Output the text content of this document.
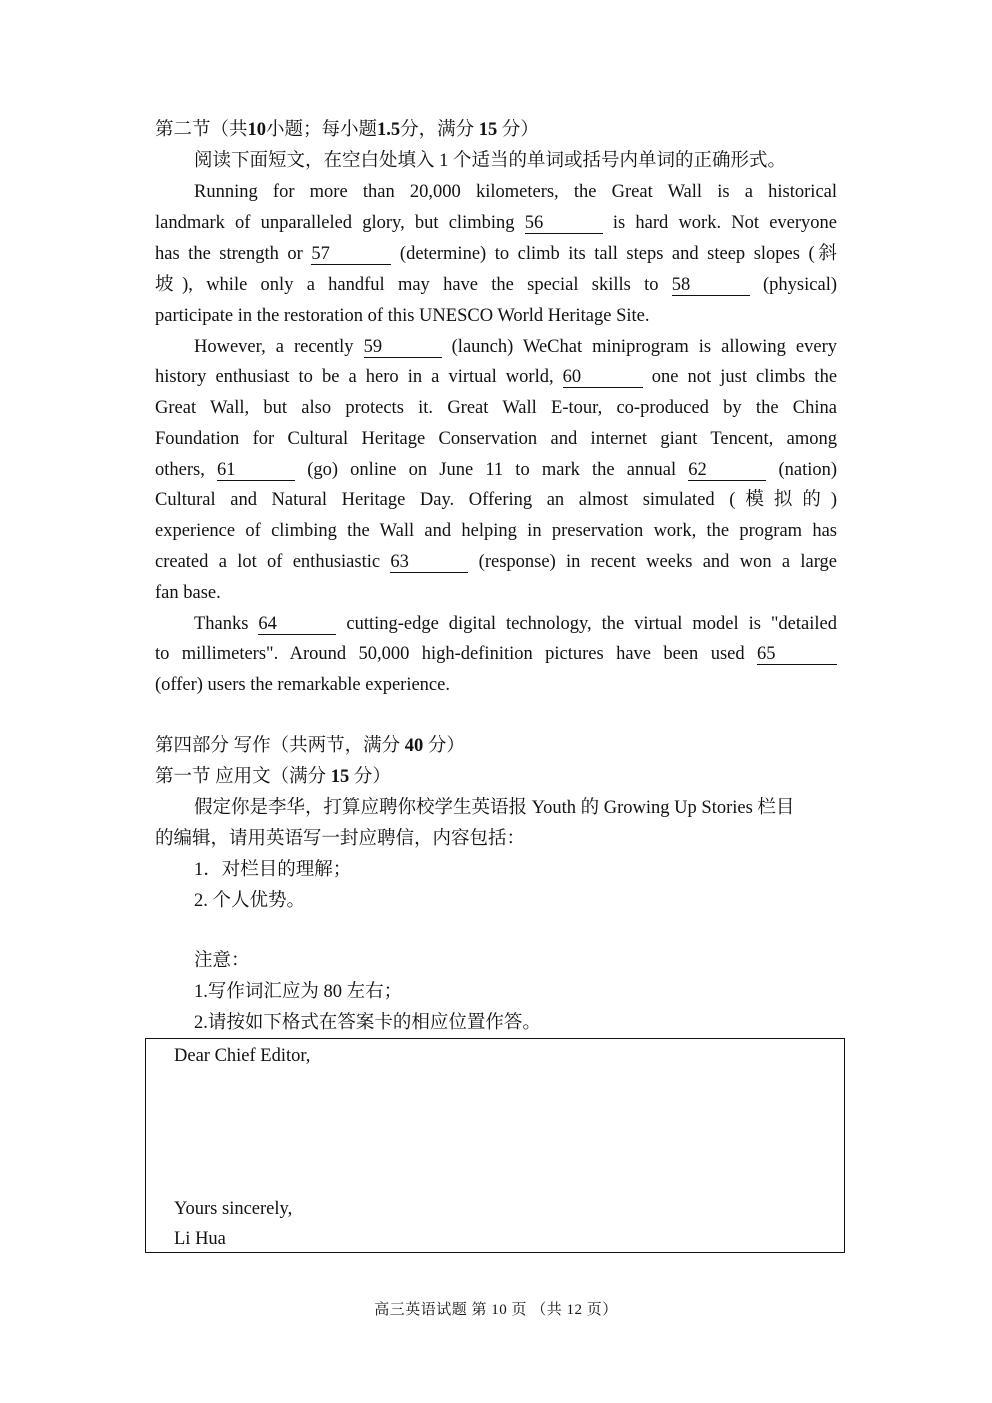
第二节（共10小题；每小题1.5分，满分 15 分）
阅读下面短文，在空白处填入 1 个适当的单词或括号内单词的正确形式。
Running for more than 20,000 kilometers, the Great Wall is a historical
landmark of unparalleled glory, but climbing 56	is hard work. Not everyone
has the strength or 57	(determine) to climb its tall steps and steep slopes (斜
坡), while only a handful may have the special skills to 58	(physical)
participate in the restoration of this UNESCO World Heritage Site.
However, a recently 59	(launch) WeChat miniprogram is allowing every
history enthusiast to be a hero in a virtual world, 60	one not just climbs the
Great Wall, but also protects it. Great Wall E-tour, co-produced by the China
Foundation for Cultural Heritage Conservation and internet giant Tencent, among
others, 61	(go) online on June 11 to mark the annual 62	(nation)
Cultural and Natural Heritage Day. Offering an almost simulated (模拟的)
experience of climbing the Wall and helping in preservation work, the program has
created a lot of enthusiastic 63	(response) in recent weeks and won a large
fan base.
Thanks 64	cutting-edge digital technology, the virtual model is "detailed
to millimeters". Around 50,000 high-definition pictures have been used 65
(offer) users the remarkable experience.
第四部分 写作（共两节，满分 40 分）
第一节 应用文（满分 15 分）
假定你是李华，打算应聘你校学生英语报 Youth 的 Growing Up Stories 栏目
的编辑，请用英语写一封应聘信，内容包括：
1．对栏目的理解；
2. 个人优势。
注意：
1.写作词汇应为 80 左右；
2.请按如下格式在答案卡的相应位置作答。
Dear Chief Editor,
Yours sincerely,
Li Hua
高三英语试题 第 10 页 （共 12 页）
